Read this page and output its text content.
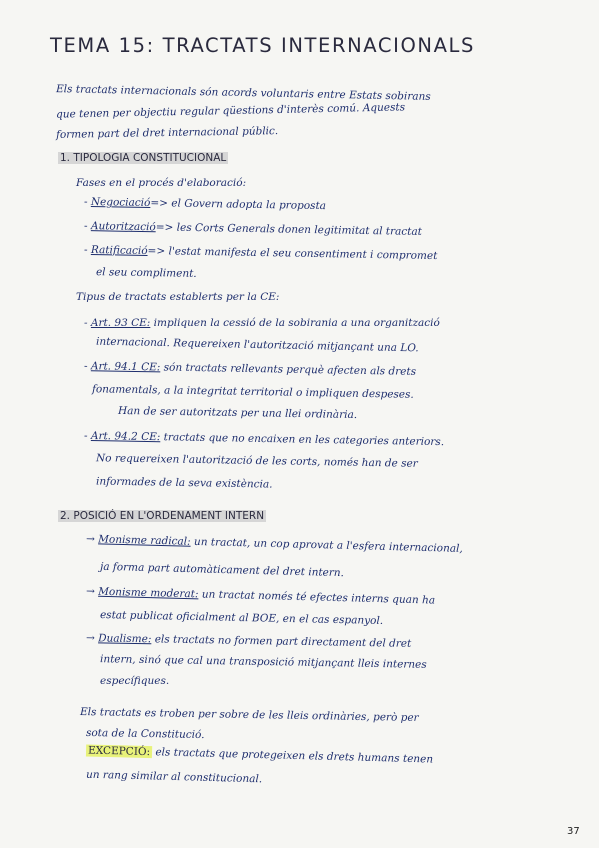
TEMA 15: TRACTATS INTERNACIONALS
Els tractats internacionals són acords voluntaris entre Estats sobirans
que tenen per objectiu regular qüestions d'interès comú. Aquests
formen part del dret internacional públic.
1. TIPOLOGIA CONSTITUCIONAL
Fases en el procés d'elaboració:
- Negociació=> el Govern adopta la proposta
- Autorització=> les Corts Generals donen legitimitat al tractat
- Ratificació=> l'estat manifesta el seu consentiment i compromet
el seu compliment.
Tipus de tractats establerts per la CE:
- Art. 93 CE: impliquen la cessió de la sobirania a una organització
internacional. Requereixen l'autorització mitjançant una LO.
- Art. 94.1 CE: són tractats rellevants perquè afecten als drets
fonamentals, a la integritat territorial o impliquen despeses.
Han de ser autoritzats per una llei ordinària.
- Art. 94.2 CE: tractats que no encaixen en les categories anteriors.
No requereixen l'autorització de les corts, només han de ser
informades de la seva existència.
2. POSICIÓ EN L'ORDENAMENT INTERN
→ Monisme radical: un tractat, un cop aprovat a l'esfera internacional,
ja forma part automàticament del dret intern.
→ Monisme moderat: un tractat només té efectes interns quan ha
estat publicat oficialment al BOE, en el cas espanyol.
→ Dualisme: els tractats no formen part directament del dret
intern, sinó que cal una transposició mitjançant lleis internes
específiques.
Els tractats es troben per sobre de les lleis ordinàries, però per
sota de la Constitució.
EXCEPCIÓ: els tractats que protegeixen els drets humans tenen
un rang similar al constitucional.
37
